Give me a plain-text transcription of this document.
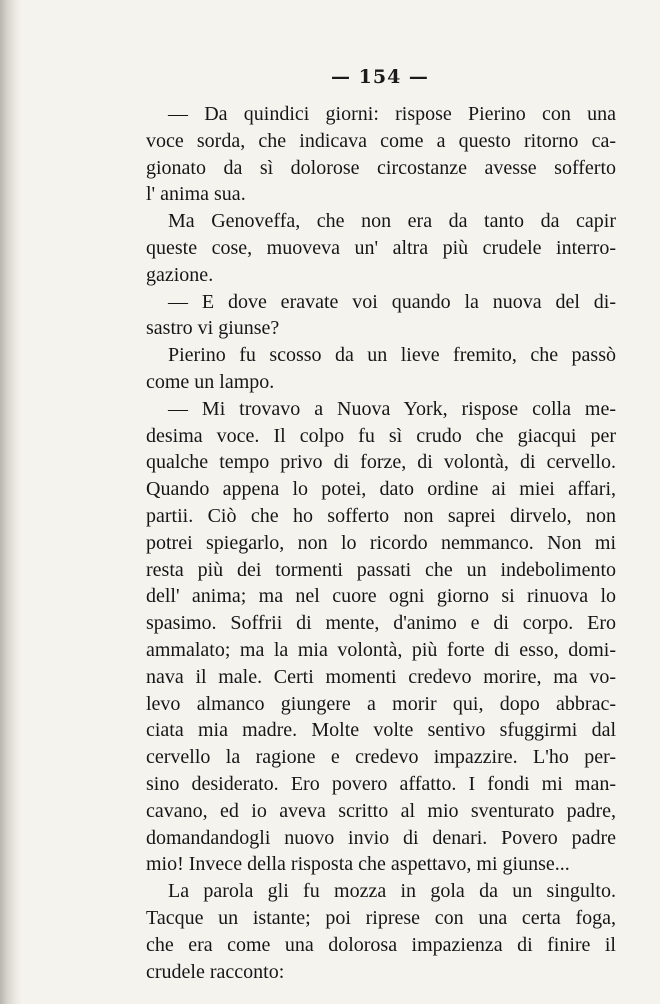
— 154 —
— Da quindici giorni: rispose Pierino con una
voce sorda, che indicava come a questo ritorno ca-
gionato da sì dolorose circostanze avesse sofferto
l' anima sua.
Ma Genoveffa, che non era da tanto da capir
queste cose, muoveva un' altra più crudele interro-
gazione.
— E dove eravate voi quando la nuova del di-
sastro vi giunse?
Pierino fu scosso da un lieve fremito, che passò
come un lampo.
— Mi trovavo a Nuova York, rispose colla me-
desima voce. Il colpo fu sì crudo che giacqui per
qualche tempo privo di forze, di volontà, di cervello.
Quando appena lo potei, dato ordine ai miei affari,
partii. Ciò che ho sofferto non saprei dirvelo, non
potrei spiegarlo, non lo ricordo nemmanco. Non mi
resta più dei tormenti passati che un indebolimento
dell' anima; ma nel cuore ogni giorno si rinuova lo
spasimo. Soffrii di mente, d'animo e di corpo. Ero
ammalato; ma la mia volontà, più forte di esso, domi-
nava il male. Certi momenti credevo morire, ma vo-
levo almanco giungere a morir qui, dopo abbrac-
ciata mia madre. Molte volte sentivo sfuggirmi dal
cervello la ragione e credevo impazzire. L'ho per-
sino desiderato. Ero povero affatto. I fondi mi man-
cavano, ed io aveva scritto al mio sventurato padre,
domandandogli nuovo invio di denari. Povero padre
mio! Invece della risposta che aspettavo, mi giunse...
La parola gli fu mozza in gola da un singulto.
Tacque un istante; poi riprese con una certa foga,
che era come una dolorosa impazienza di finire il
crudele racconto:
